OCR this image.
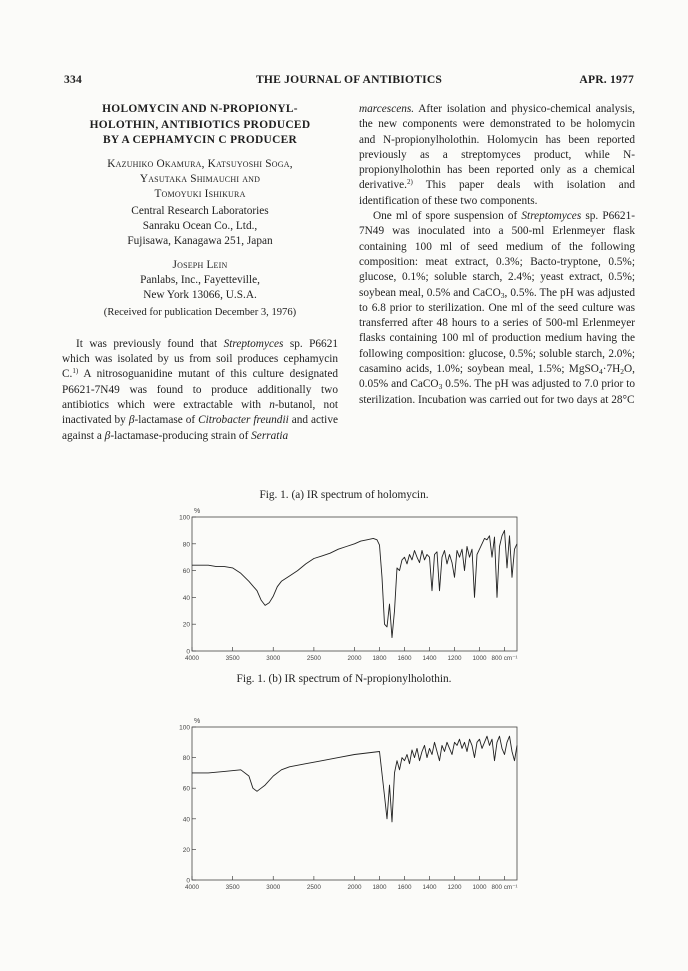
334	THE JOURNAL OF ANTIBIOTICS	APR. 1977
HOLOMYCIN AND N-PROPIONYL-
HOLOTHIN, ANTIBIOTICS PRODUCED
BY A CEPHAMYCIN C PRODUCER
Kazuhiko Okamura, Katsuyoshi Soga,
Yasutaka Shimauchi and
Tomoyuki Ishikura
Central Research Laboratories
Sanraku Ocean Co., Ltd.,
Fujisawa, Kanagawa 251, Japan
Joseph Lein
Panlabs, Inc., Fayetteville,
New York 13066, U.S.A.
(Received for publication December 3, 1976)

It was previously found that Streptomyces sp. P6621 which was isolated by us from soil produces cephamycin C.$^{1)}$ A nitrosoguanidine mutant of this culture designated P6621-7N49 was found to produce additionally two antibiotics which were extractable with n-butanol, not inactivated by β-lactamase of Citrobacter freundii and active against a β-lactamase-producing strain of Serratia

marcescens. After isolation and physico-chemical analysis, the new components were demonstrated to be holomycin and N-propionylholothin. Holomycin has been reported previously as a streptomyces product, while N-propionylholothin has been reported only as a chemical derivative.$^{2)}$ This paper deals with isolation and identification of these two components.

One ml of spore suspension of Streptomyces sp. P6621-7N49 was inoculated into a 500-ml Erlenmeyer flask containing 100 ml of seed medium of the following composition: meat extract, 0.3%; Bacto-tryptone, 0.5%; glucose, 0.1%; soluble starch, 2.4%; yeast extract, 0.5%; soybean meal, 0.5% and CaCO$_3$, 0.5%. The pH was adjusted to 6.8 prior to sterilization. One ml of the seed culture was transferred after 48 hours to a series of 500-ml Erlenmeyer flasks containing 100 ml of production medium having the following composition: glucose, 0.5%; soluble starch, 2.0%; casamino acids, 1.0%; soybean meal, 1.5%; $MgSO_4\cdot 7H_2O$, 0.05% and CaCO$_3$ 0.5%. The pH was adjusted to 7.0 prior to sterilization. Incubation was carried out for two days at 28°C

Fig. 1. (a) IR spectrum of holomycin.
%
0
20
40
60
80
100
4000	3500	3000	2500	2000 1800 1600 1400 1200 1000 800 cm⁻¹
Fig. 1. (b) IR spectrum of N-propionylholothin.
%
0
20
40
60
80
100
4000	3500	3000	2500	2000 1800 1600 1400 1200 1000 800 cm⁻¹
